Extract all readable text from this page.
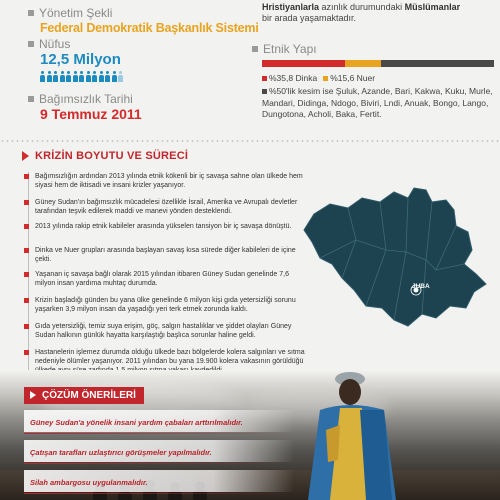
Yönetim Şekli
Federal Demokratik Başkanlık Sistemi
Nüfus
12,5 Milyon
Bağımsızlık Tarihi
9 Temmuz 2011
Hristiyanlarla azınlık durumundaki Müslümanlar
bir arada yaşamaktadır.
Etnik Yapı
%35,8 Dinka	%15,6 Nuer
%50'lik kesim ise Şuluk, Azande, Bari, Kakwa, Kuku, Murle, Mandari, Didinga, Ndogo, Biviri, Lndi, Anuak, Bongo, Lango, Dungotona, Acholi, Baka, Fertit.
KRİZİN BOYUTU VE SÜRECİ
Bağımsızlığın ardından 2013 yılında etnik kökenli bir iç savaşa sahne olan ülkede hem siyasi hem de iktisadi ve insani krizler yaşanıyor.
Güney Sudan'ın bağımsızlık mücadelesi özellikle İsrail, Amerika ve Avrupalı devletler tarafından teşvik edilerek maddi ve manevi yönden desteklendi.
2013 yılında rakip etnik kabileler arasında yükselen tansiyon bir iç savaşa dönüştü.
Dinka ve Nuer grupları arasında başlayan savaş kısa sürede diğer kabileleri de içine çekti.
Yaşanan iç savaşa bağlı olarak 2015 yılından itibaren Güney Sudan genelinde 7,6 milyon insan yardıma muhtaç durumda.
Krizin başladığı günden bu yana ülke genelinde 6 milyon kişi gıda yetersizliği sorunu yaşarken 3,9 milyon insan da yaşadığı yeri terk etmek zorunda kaldı.
Gıda yetersizliği, temiz suya erişim, göç, salgın hastalıklar ve şiddet olayları Güney Sudan halkının günlük hayatta karşılaştığı başlıca sorunlar haline geldi.
Hastanelerin işlemez durumda olduğu ülkede bazı bölgelerde kolera salgınları ve sıtma nedeniyle ölümler yaşanıyor. 2011 yılından bu yana 19.900 kolera vakasının görüldüğü
JUBA
ÇÖZÜM ÖNERİLERİ
Güney Sudan'a yönelik insani yardım çabaları arttırılmalıdır.
Çatışan tarafları uzlaştırıcı görüşmeler yapılmalıdır.
Silah ambargosu uygulanmalıdır.
